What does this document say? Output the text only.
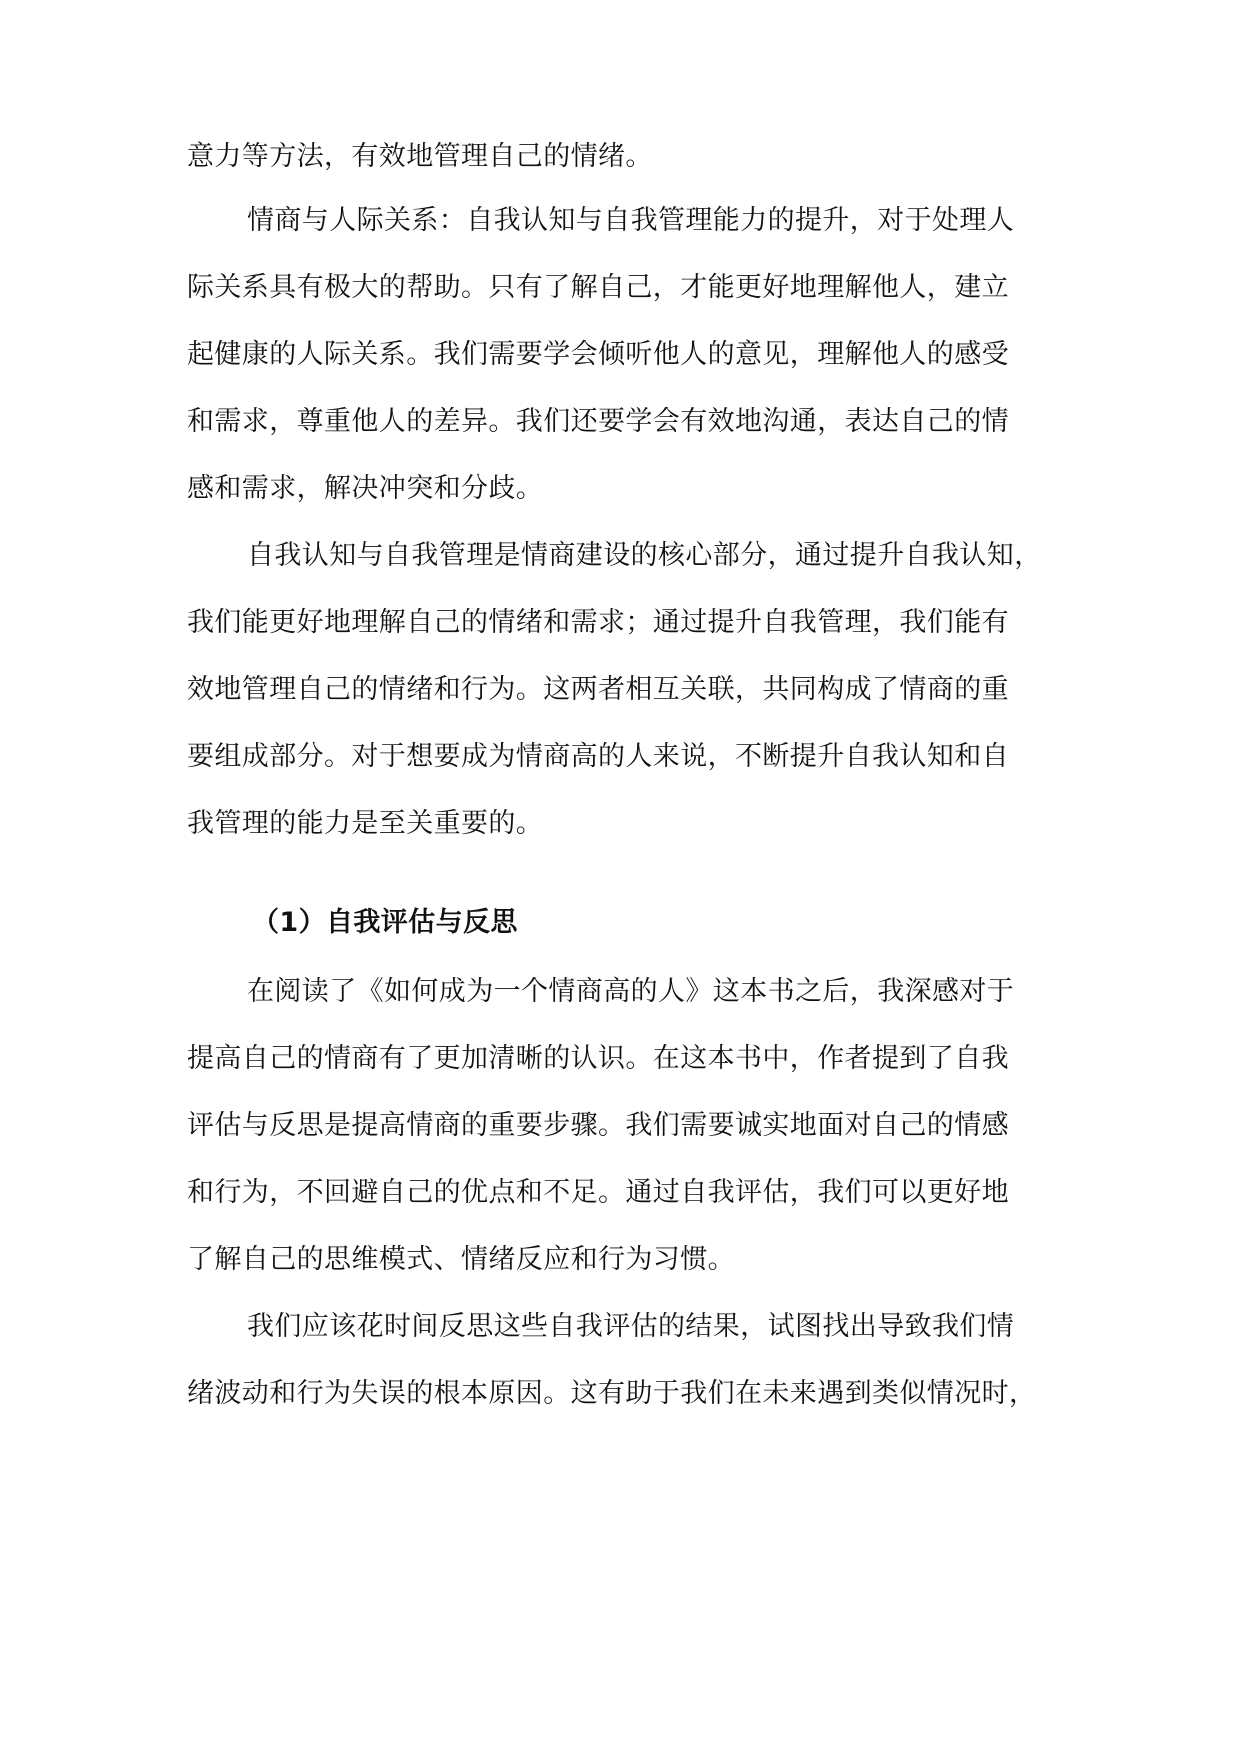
意力等方法，有效地管理自己的情绪。
情商与人际关系：自我认知与自我管理能力的提升，对于处理人
际关系具有极大的帮助。只有了解自己，才能更好地理解他人，建立
起健康的人际关系。我们需要学会倾听他人的意见，理解他人的感受
和需求，尊重他人的差异。我们还要学会有效地沟通，表达自己的情
感和需求，解决冲突和分歧。
自我认知与自我管理是情商建设的核心部分，通过提升自我认知，
我们能更好地理解自己的情绪和需求；通过提升自我管理，我们能有
效地管理自己的情绪和行为。这两者相互关联，共同构成了情商的重
要组成部分。对于想要成为情商高的人来说，不断提升自我认知和自
我管理的能力是至关重要的。
（1）自我评估与反思
在阅读了《如何成为一个情商高的人》这本书之后，我深感对于
提高自己的情商有了更加清晰的认识。在这本书中，作者提到了自我
评估与反思是提高情商的重要步骤。我们需要诚实地面对自己的情感
和行为，不回避自己的优点和不足。通过自我评估，我们可以更好地
了解自己的思维模式、情绪反应和行为习惯。
我们应该花时间反思这些自我评估的结果，试图找出导致我们情
绪波动和行为失误的根本原因。这有助于我们在未来遇到类似情况时，
